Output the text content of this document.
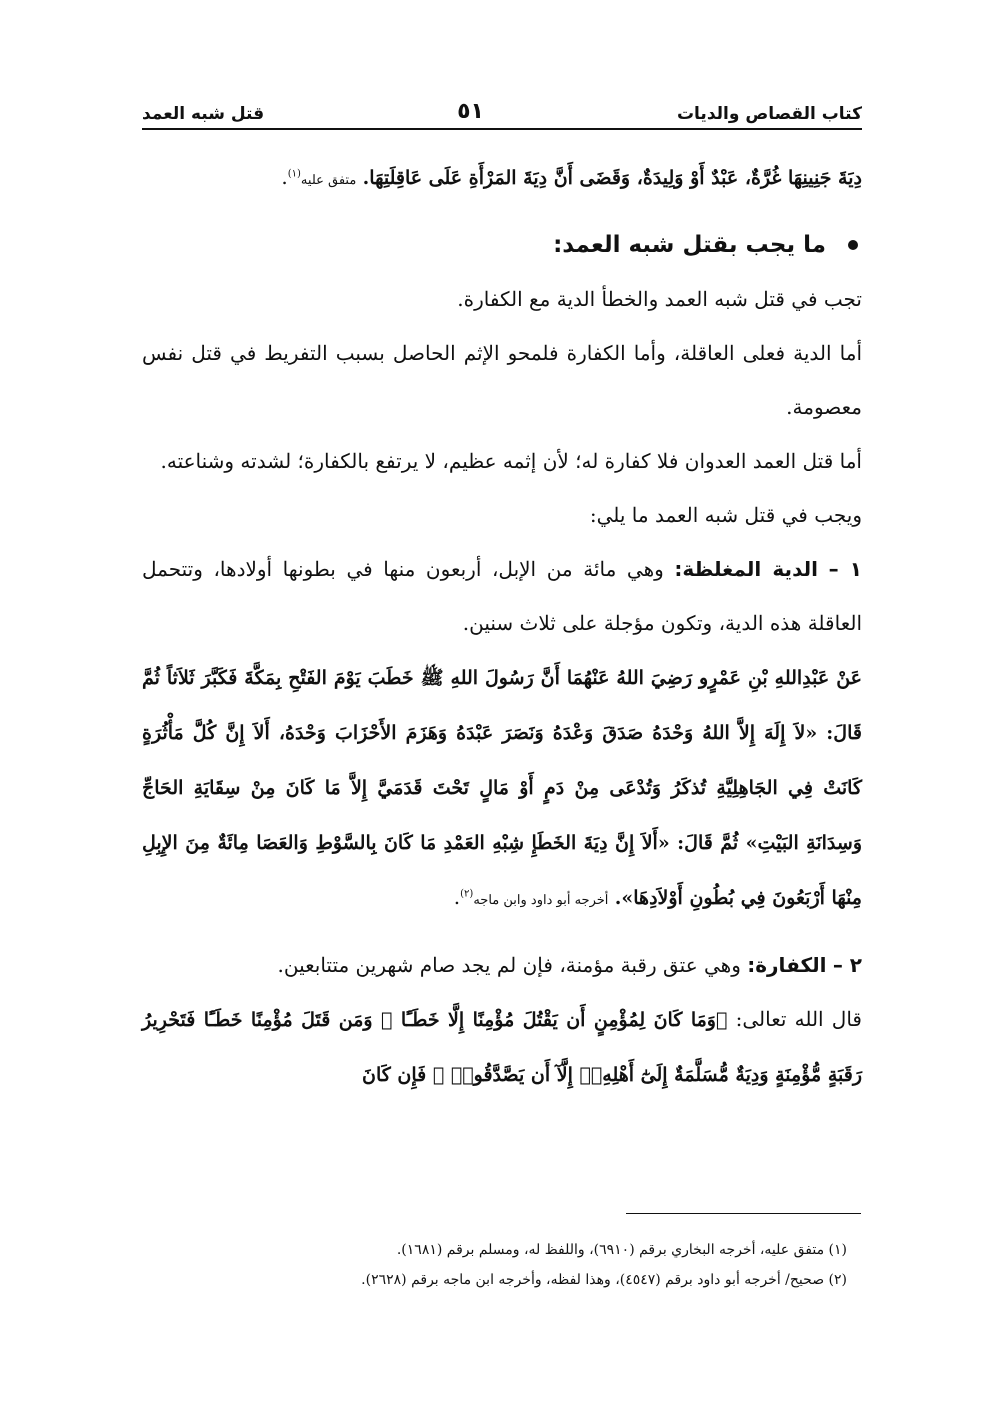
كتاب القصاص والديات
٥١
قتل شبه العمد

دِيَةَ جَنِينِهَا غُرَّةٌ، عَبْدٌ أَوْ وَلِيدَةٌ، وَقَضَى أَنَّ دِيَةَ المَرْأَةِ عَلَى عَاقِلَتِهَا. متفق عليه$^{(١)}$.

ما يجب بقتل شبه العمد:

تجب في قتل شبه العمد والخطأ الدية مع الكفارة.

أما الدية فعلى العاقلة، وأما الكفارة فلمحو الإثم الحاصل بسبب التفريط في قتل نفس معصومة.

أما قتل العمد العدوان فلا كفارة له؛ لأن إثمه عظيم، لا يرتفع بالكفارة؛ لشدته وشناعته.

ويجب في قتل شبه العمد ما يلي:

١ – الدية المغلظة: وهي مائة من الإبل، أربعون منها في بطونها أولادها، وتتحمل العاقلة هذه الدية، وتكون مؤجلة على ثلاث سنين.

عَنْ عَبْدِاللهِ بْنِ عَمْرٍو رَضِيَ اللهُ عَنْهُمَا أَنَّ رَسُولَ اللهِ ﷺ خَطَبَ يَوْمَ الفَتْحِ بِمَكَّةَ فَكَبَّرَ ثَلاَثاً ثُمَّ قَالَ: «لاَ إِلَهَ إِلاَّ اللهُ وَحْدَهُ صَدَقَ وَعْدَهُ وَنَصَرَ عَبْدَهُ وَهَزَمَ الأَحْزَابَ وَحْدَهُ، أَلاَ إِنَّ كُلَّ مَأْثُرَةٍ كَانَتْ فِي الجَاهِلِيَّةِ تُذكَرُ وَتُدْعَى مِنْ دَمٍ أَوْ مَالٍ تَحْتَ قَدَمَيَّ إِلاَّ مَا كَانَ مِنْ سِقَايَةِ الحَاجِّ وَسِدَانَةِ البَيْتِ» ثُمَّ قَالَ: «أَلاَ إِنَّ دِيَةَ الخَطَإِ شِبْهِ العَمْدِ مَا كَانَ بِالسَّوْطِ وَالعَصَا مِائَةٌ مِنَ الإِبِلِ مِنْهَا أَرْبَعُونَ فِي بُطُونِ أَوْلاَدِهَا». أخرجه أبو داود وابن ماجه$^{(٢)}$.

٢ – الكفارة: وهي عتق رقبة مؤمنة، فإن لم يجد صام شهرين متتابعين.

قال الله تعالى: ﴿وَمَا كَانَ لِمُؤْمِنٍ أَن يَقْتُلَ مُؤْمِنًا إِلَّا خَطَـًٔا ۚ وَمَن قَتَلَ مُؤْمِنًا خَطَـًٔا فَتَحْرِيرُ رَقَبَةٍ مُّؤْمِنَةٍ وَدِيَةٌ مُّسَلَّمَةٌ إِلَىٰٓ أَهْلِهِۦٓ إِلَّآ أَن يَصَّدَّقُوا۟ ۚ فَإِن كَانَ

(١) متفق عليه، أخرجه البخاري برقم (٦٩١٠)، واللفظ له، ومسلم برقم (١٦٨١).

(٢) صحيح/ أخرجه أبو داود برقم (٤٥٤٧)، وهذا لفظه، وأخرجه ابن ماجه برقم (٢٦٢٨).
